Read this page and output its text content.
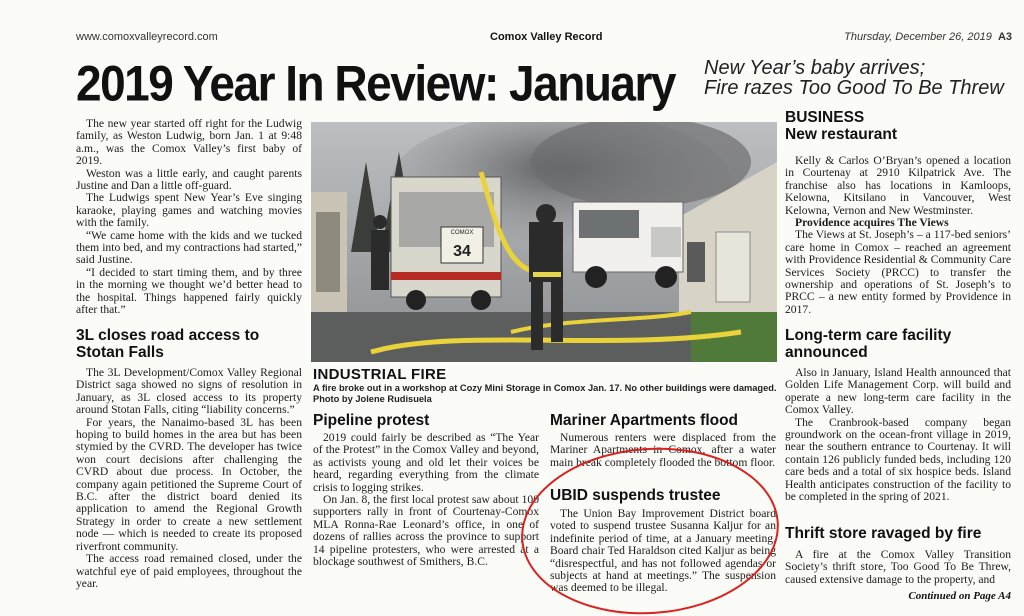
www.comoxvalleyrecord.com	Comox Valley Record	Thursday, December 26, 2019 A3
2019 Year In Review: January New Year’s baby arrives;
Fire razes Too Good To Be Threw

The new year started off right for the Ludwig family, as Weston Ludwig, born Jan. 1 at 9:48 a.m., was the Comox Valley’s first baby of 2019.

Weston was a little early, and caught parents Justine and Dan a little off-guard.

The Ludwigs spent New Year’s Eve singing karaoke, playing games and watching movies with the family.

“We came home with the kids and we tucked them into bed, and my contractions had started,” said Justine.

“I decided to start timing them, and by three in the morning we thought we’d better head to the hospital. Things happened fairly quickly after that.”

3L closes road access to Stotan Falls

The 3L Development/Comox Valley Regional District saga showed no signs of resolution in January, as 3L closed access to its property around Stotan Falls, citing “liability concerns.”

For years, the Nanaimo-based 3L has been hoping to build homes in the area but has been stymied by the CVRD. The developer has twice won court decisions after challenging the CVRD about due process. In October, the company again petitioned the Supreme Court of B.C. after the district board denied its application to amend the Regional Growth Strategy in order to create a new settlement node — which is needed to create its proposed riverfront community.

The access road remained closed, under the watchful eye of paid employees, throughout the year.

COMOX
34
INDUSTRIAL FIRE
A fire broke out in a workshop at Cozy Mini Storage in Comox Jan. 17. No other buildings were damaged. Photo by Jolene Rudisuela
Pipeline protest

2019 could fairly be described as “The Year of the Protest” in the Comox Valley and beyond, as activists young and old let their voices be heard, regarding everything from the climate crisis to logging strikes.

On Jan. 8, the first local protest saw about 100 supporters rally in front of Courtenay-Comox MLA Ronna-Rae Leonard’s office, in one of dozens of rallies across the province to support 14 pipeline protesters, who were arrested at a blockage southwest of Smithers, B.C.

Mariner Apartments flood

Numerous renters were displaced from the Mariner Apartments in Comox, after a water main break completely flooded the bottom floor.

UBID suspends trustee

The Union Bay Improvement District board voted to suspend trustee Susanna Kaljur for an indefinite period of time, at a January meeting. Board chair Ted Haraldson cited Kaljur as being “disrespectful, and has not followed agendas or subjects at hand at meetings.” The suspension was deemed to be illegal.

BUSINESS
New restaurant

Kelly & Carlos O’Bryan’s opened a location in Courtenay at 2910 Kilpatrick Ave. The franchise also has locations in Kamloops, Kelowna, Kitsilano in Vancouver, West Kelowna, Vernon and New Westminster.

Providence acquires The Views

The Views at St. Joseph’s – a 117-bed seniors’ care home in Comox – reached an agreement with Providence Residential & Community Care Services Society (PRCC) to transfer the ownership and operations of St. Joseph’s to PRCC – a new entity formed by Providence in 2017.

Long-term care facility announced

Also in January, Island Health announced that Golden Life Management Corp. will build and operate a new long-term care facility in the Comox Valley.

The Cranbrook-based company began groundwork on the ocean-front village in 2019, near the southern entrance to Courtenay. It will contain 126 publicly funded beds, including 120 care beds and a total of six hospice beds. Island Health anticipates construction of the facility to be completed in the spring of 2021.

Thrift store ravaged by fire

A fire at the Comox Valley Transition Society’s thrift store, Too Good To Be Threw, caused extensive damage to the property, and

Continued on Page A4
